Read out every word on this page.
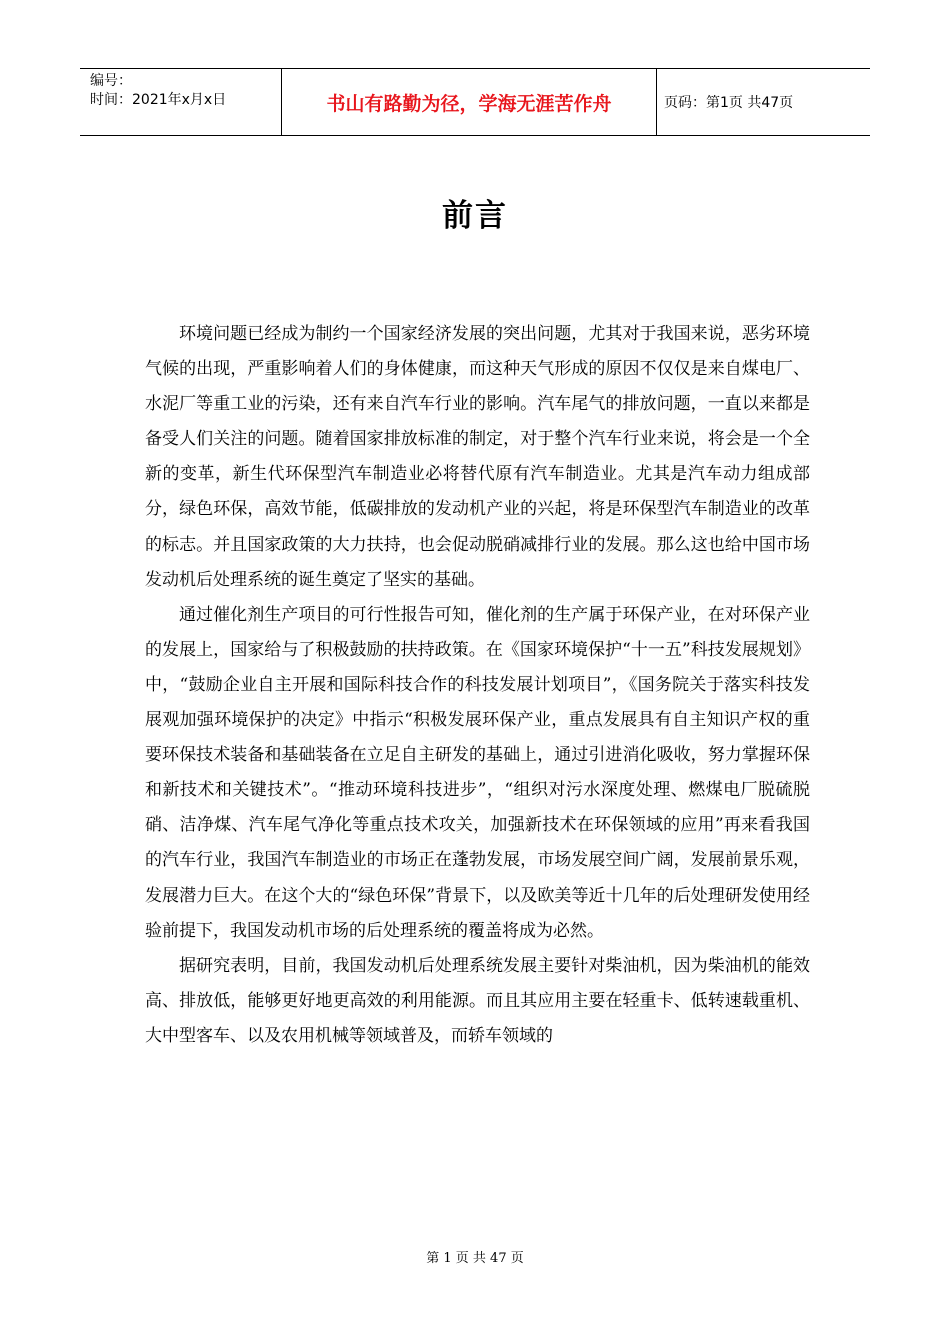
编号：
时间：2021年x月x日	书山有路勤为径，学海无涯苦作舟	页码：第1页 共47页
前言

环境问题已经成为制约一个国家经济发展的突出问题，尤其对于我国来说，恶劣环境气候的出现，严重影响着人们的身体健康，而这种天气形成的原因不仅仅是来自煤电厂、水泥厂等重工业的污染，还有来自汽车行业的影响。汽车尾气的排放问题，一直以来都是备受人们关注的问题。随着国家排放标准的制定，对于整个汽车行业来说，将会是一个全新的变革，新生代环保型汽车制造业必将替代原有汽车制造业。尤其是汽车动力组成部分，绿色环保，高效节能，低碳排放的发动机产业的兴起，将是环保型汽车制造业的改革的标志。并且国家政策的大力扶持，也会促动脱硝减排行业的发展。那么这也给中国市场发动机后处理系统的诞生奠定了坚实的基础。

通过催化剂生产项目的可行性报告可知，催化剂的生产属于环保产业，在对环保产业的发展上，国家给与了积极鼓励的扶持政策。在《国家环境保护“十一五”科技发展规划》中，“鼓励企业自主开展和国际科技合作的科技发展计划项目”，《国务院关于落实科技发展观加强环境保护的决定》中指示“积极发展环保产业，重点发展具有自主知识产权的重要环保技术装备和基础装备在立足自主研发的基础上，通过引进消化吸收，努力掌握环保和新技术和关键技术”。“推动环境科技进步”，“组织对污水深度处理、燃煤电厂脱硫脱硝、洁净煤、汽车尾气净化等重点技术攻关，加强新技术在环保领域的应用”再来看我国的汽车行业，我国汽车制造业的市场正在蓬勃发展，市场发展空间广阔，发展前景乐观，发展潜力巨大。在这个大的“绿色环保”背景下，以及欧美等近十几年的后处理研发使用经验前提下，我国发动机市场的后处理系统的覆盖将成为必然。

据研究表明，目前，我国发动机后处理系统发展主要针对柴油机，因为柴油机的能效高、排放低，能够更好地更高效的利用能源。而且其应用主要在轻重卡、低转速载重机、大中型客车、以及农用机械等领域普及，而轿车领域的

第 1 页 共 47 页
